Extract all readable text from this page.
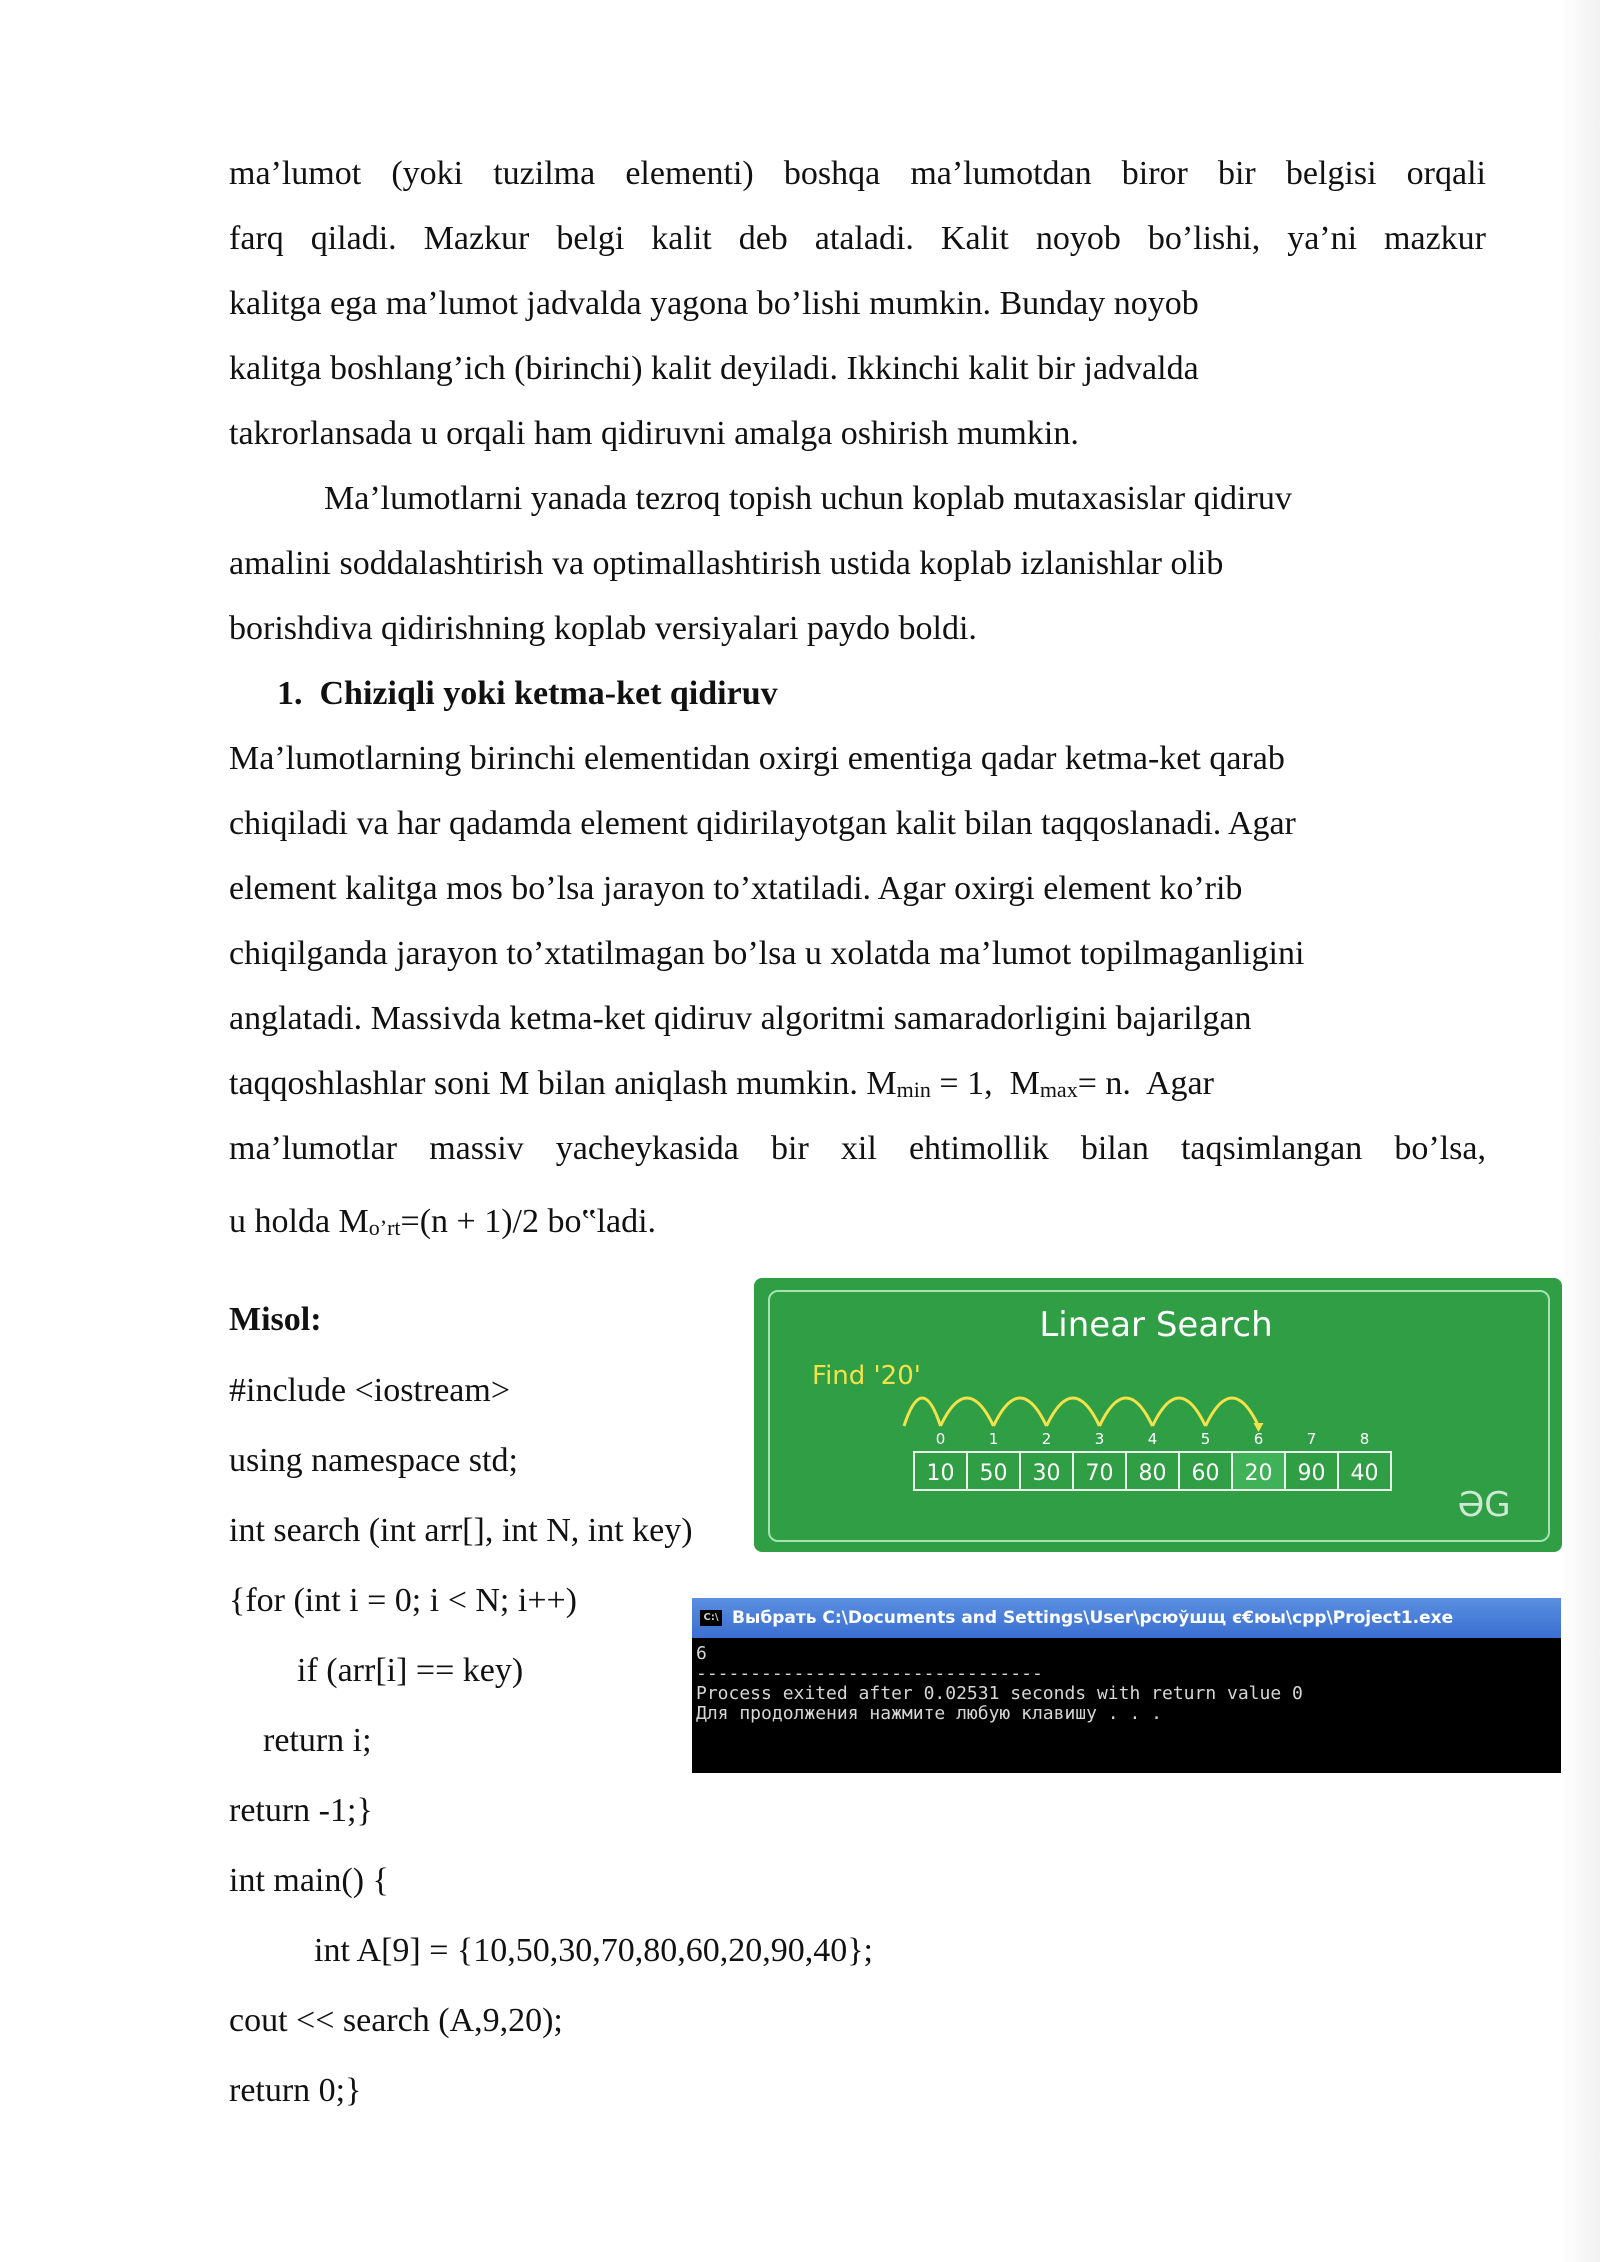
ma’lumot (yoki tuzilma elementi) boshqa ma’lumotdan biror bir belgisi orqali
farq qiladi. Mazkur belgi kalit deb ataladi. Kalit noyob bo’lishi, ya’ni mazkur
kalitga ega ma’lumot jadvalda yagona bo’lishi mumkin. Bunday noyob
kalitga boshlang’ich (birinchi) kalit deyiladi. Ikkinchi kalit bir jadvalda
takrorlansada u orqali ham qidiruvni amalga oshirish mumkin.
Ma’lumotlarni yanada tezroq topish uchun koplab mutaxasislar qidiruv
amalini soddalashtirish va optimallashtirish ustida koplab izlanishlar olib
borishdiva qidirishning koplab versiyalari paydo boldi.
1.  Chiziqli yoki ketma-ket qidiruv
Ma’lumotlarning birinchi elementidan oxirgi ementiga qadar ketma-ket qarab
chiqiladi va har qadamda element qidirilayotgan kalit bilan taqqoslanadi. Agar
element kalitga mos bo’lsa jarayon to’xtatiladi. Agar oxirgi element ko’rib
chiqilganda jarayon to’xtatilmagan bo’lsa u xolatda ma’lumot topilmaganligini
anglatadi. Massivda ketma-ket qidiruv algoritmi samaradorligini bajarilgan
taqqoshlashlar soni M bilan aniqlash mumkin. $M_{min} = 1$,  $M_{max}= n$.  Agar
ma’lumotlar massiv yacheykasida bir xil ehtimollik bilan taqsimlangan bo’lsa,
u holda $M_{o’rt}=(n + 1)/2$ bo‟ladi.
Misol:
#include <iostream>
using namespace std;
int search (int arr[], int N, int key)
{for (int i = 0; i < N; i++)
if (arr[i] == key)
return i;
return -1;}
int main() {
int A[9] = {10,50,30,70,80,60,20,90,40};
cout << search (A,9,20);
return 0;}
Linear Search
Find '20'
10
0
50
1
30
2
70
3
80
4
60
5
20
6
90
7
40
8
ƏG
C:\ Выбрать C:\Documents and Settings\User\рсюўшщ є€юы\cpp\Project1.exe
6
--------------------------------
Process exited after 0.02531 seconds with return value 0
Для продолжения нажмите любую клавишу . . .
